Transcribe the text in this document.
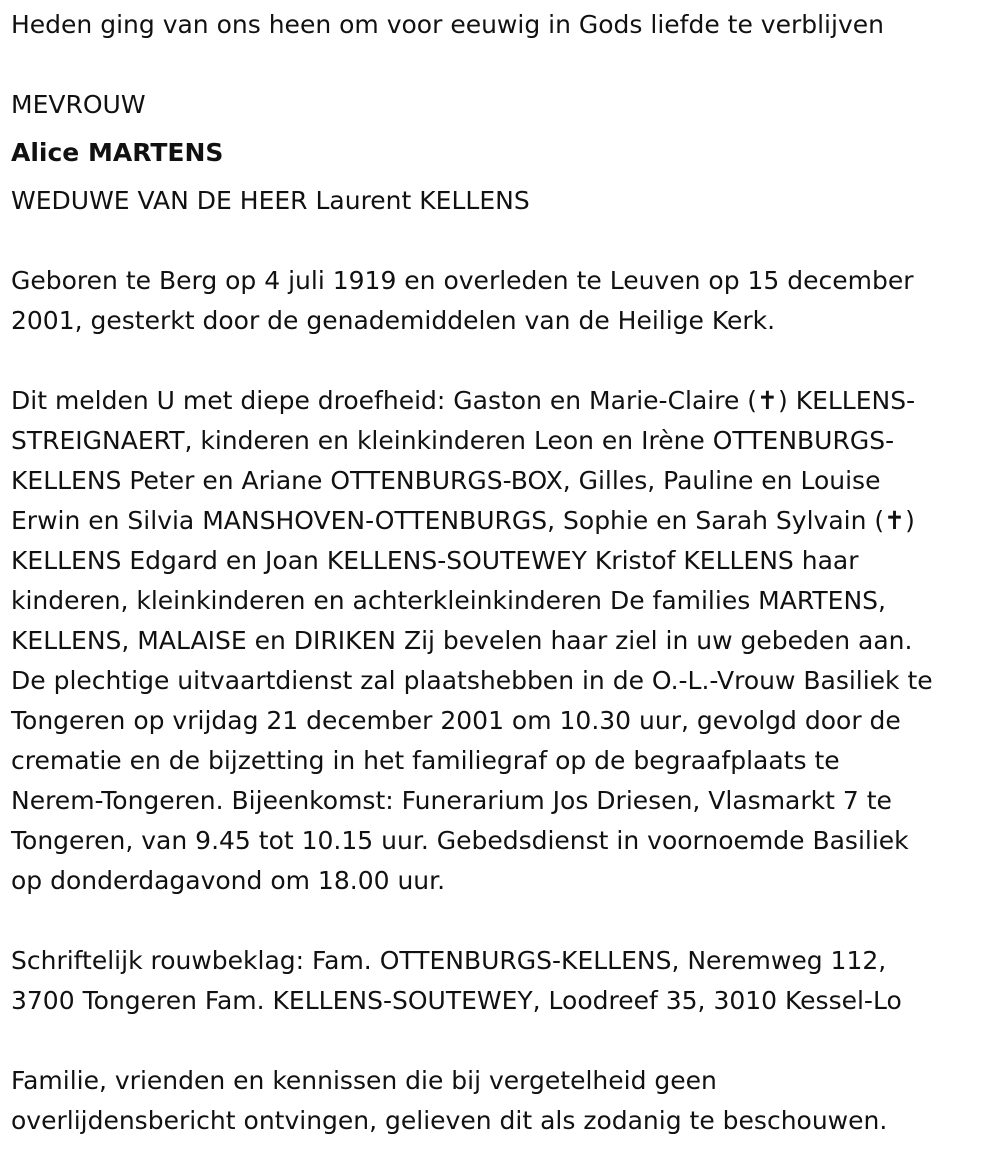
Heden ging van ons heen om voor eeuwig in Gods liefde te verblijven
MEVROUW
Alice MARTENS
WEDUWE VAN DE HEER Laurent KELLENS
Geboren te Berg op 4 juli 1919 en overleden te Leuven op 15 december
2001, gesterkt door de genademiddelen van de Heilige Kerk.
Dit melden U met diepe droefheid: Gaston en Marie-Claire (✝) KELLENS-
STREIGNAERT, kinderen en kleinkinderen Leon en Irène OTTENBURGS-
KELLENS Peter en Ariane OTTENBURGS-BOX, Gilles, Pauline en Louise
Erwin en Silvia MANSHOVEN-OTTENBURGS, Sophie en Sarah Sylvain (✝)
KELLENS Edgard en Joan KELLENS-SOUTEWEY Kristof KELLENS haar
kinderen, kleinkinderen en achterkleinkinderen De families MARTENS,
KELLENS, MALAISE en DIRIKEN Zij bevelen haar ziel in uw gebeden aan.
De plechtige uitvaartdienst zal plaatshebben in de O.-L.-Vrouw Basiliek te
Tongeren op vrijdag 21 december 2001 om 10.30 uur, gevolgd door de
crematie en de bijzetting in het familiegraf op de begraafplaats te
Nerem-Tongeren. Bijeenkomst: Funerarium Jos Driesen, Vlasmarkt 7 te
Tongeren, van 9.45 tot 10.15 uur. Gebedsdienst in voornoemde Basiliek
op donderdagavond om 18.00 uur.
Schriftelijk rouwbeklag: Fam. OTTENBURGS-KELLENS, Neremweg 112,
3700 Tongeren Fam. KELLENS-SOUTEWEY, Loodreef 35, 3010 Kessel-Lo
Familie, vrienden en kennissen die bij vergetelheid geen
overlijdensbericht ontvingen, gelieven dit als zodanig te beschouwen.
